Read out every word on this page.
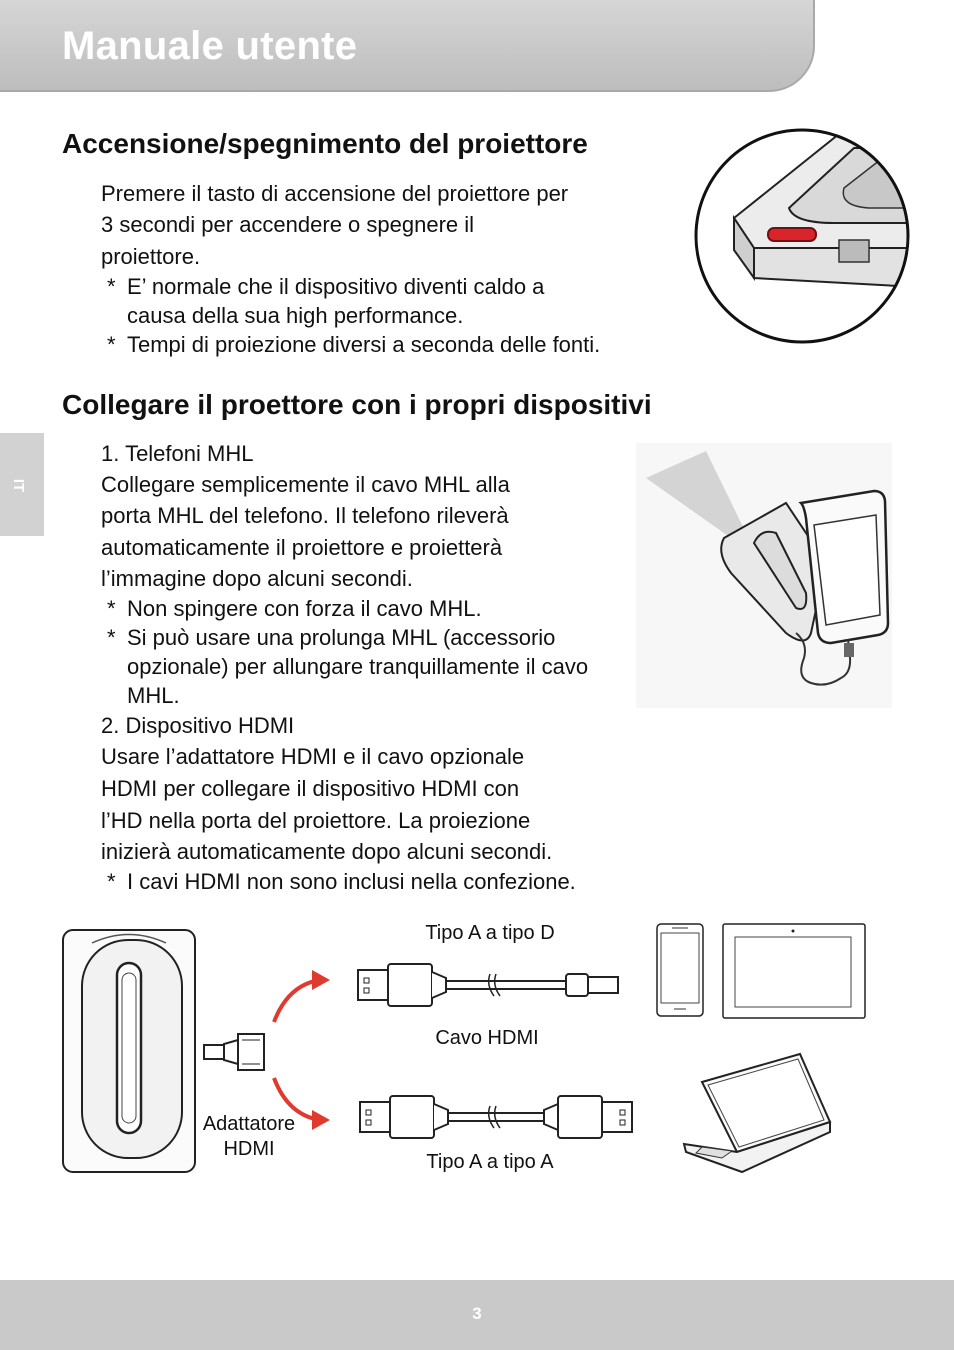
Manuale utente
IT
Accensione/spegnimento del proiettore

Premere il tasto di accensione del proiettore per

3 secondi per accendere o spegnere il

proiettore.

* E’ normale che il dispositivo diventi caldo a
causa della sua high performance.
* Tempi di proiezione diversi a seconda delle fonti.
Collegare il proettore con i propri dispositivi

1. Telefoni MHL

Collegare semplicemente il cavo MHL alla

porta MHL del telefono. Il telefono rileverà

automaticamente il proiettore e proietterà

l’immagine dopo alcuni secondi.

* Non spingere con forza il cavo MHL.
* Si può usare una prolunga MHL (accessorio
opzionale) per allungare tranquillamente il cavo
MHL.

2. Dispositivo HDMI

Usare l’adattatore HDMI e il cavo opzionale

HDMI per collegare il dispositivo HDMI con

l’HD nella porta del proiettore. La proiezione

inizierà automaticamente dopo alcuni secondi.

* I cavi HDMI non sono inclusi nella confezione.
Adattatore
HDMI
Tipo A a tipo D
Cavo HDMI
Tipo A a tipo A
3
